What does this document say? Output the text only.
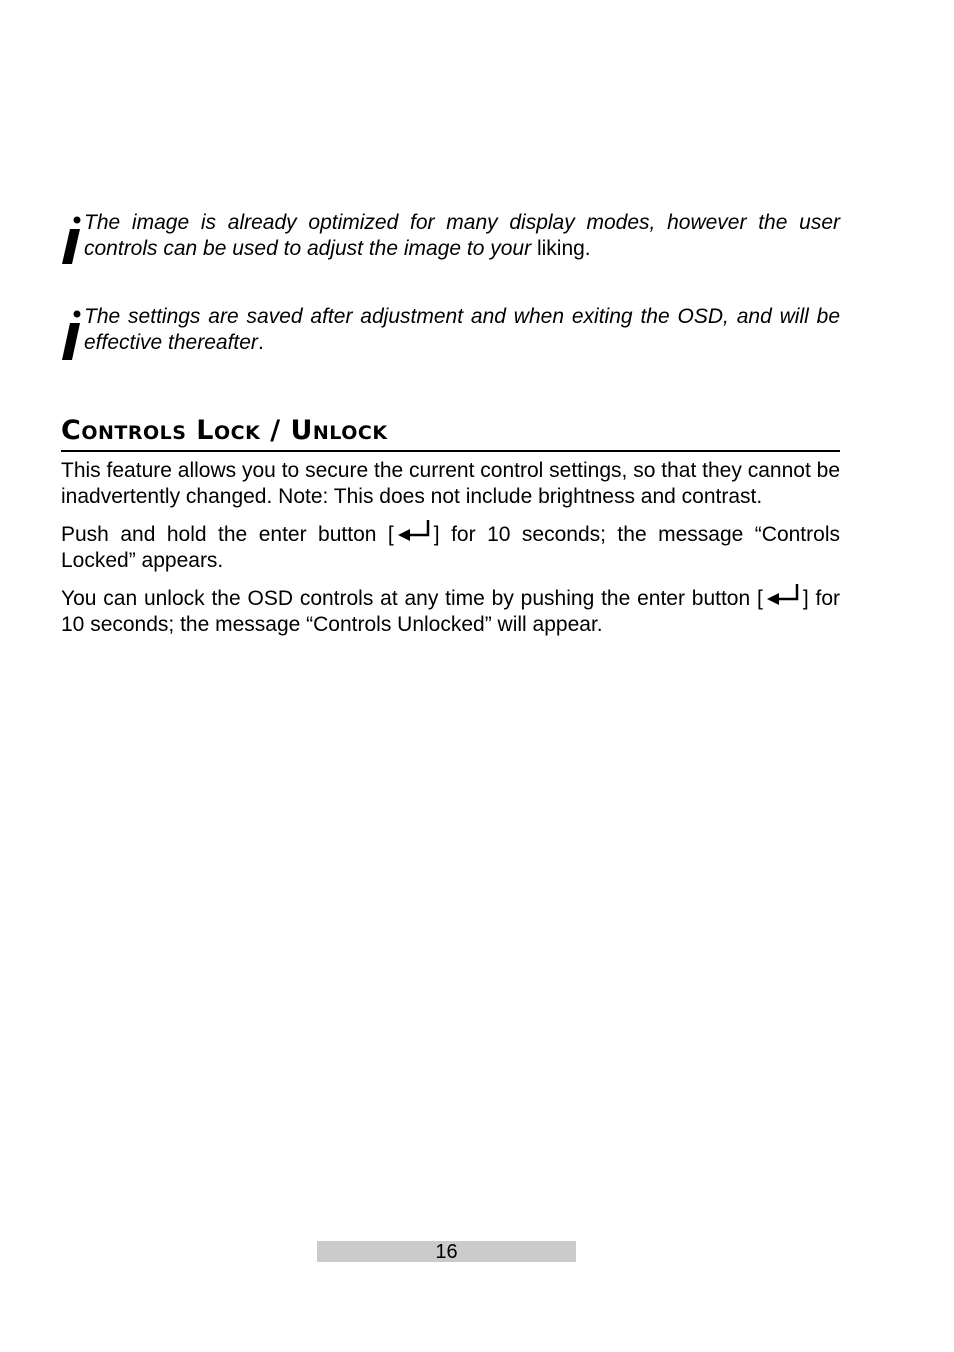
The image is already optimized for many display modes, however the user controls can be used to adjust the image to your liking.
The settings are saved after adjustment and when exiting the OSD, and will be effective thereafter.
Controls Lock / Unlock

This feature allows you to secure the current control settings, so that they cannot be inadvertently changed. Note: This does not include brightness and contrast.

Push and hold the enter button [ ] for 10 seconds; the message “Controls Locked” appears.

You can unlock the OSD controls at any time by pushing the enter button [ ] for 10 seconds; the message “Controls Unlocked” will appear.

16
